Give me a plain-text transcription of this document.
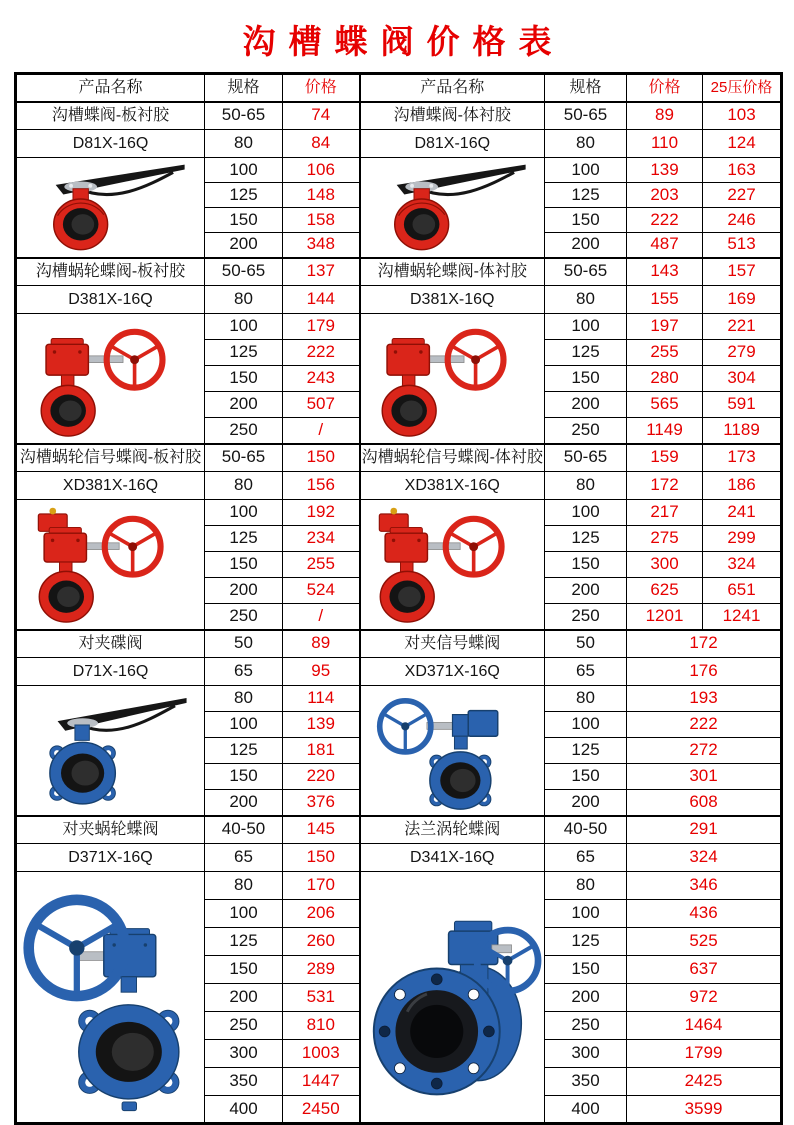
沟槽蝶阀价格表
产品名称	规格	价格	产品名称	规格	价格	25压价格
沟槽蝶阀-板衬胶	50-65	74	沟槽蝶阀-体衬胶	50-65	89	103
D81X-16Q	80	84	D81X-16Q	80	110	124

	100	106		100	139	163
	125	148		125	203	227
	150	158		150	222	246
	200	348		200	487	513
沟槽蜗轮蝶阀-板衬胶	50-65	137	沟槽蜗轮蝶阀-体衬胶	50-65	143	157
D381X-16Q	80	144	D381X-16Q	80	155	169

	100	179		100	197	221
	125	222		125	255	279
	150	243		150	280	304
	200	507		200	565	591
	250	/		250	1149	1189
沟槽蜗轮信号蝶阀-板衬胶	50-65	150	沟槽蜗轮信号蝶阀-体衬胶	50-65	159	173
XD381X-16Q	80	156	XD381X-16Q	80	172	186

	100	192		100	217	241
	125	234		125	275	299
	150	255		150	300	324
	200	524		200	625	651
	250	/		250	1201	1241
对夹碟阀	50	89	对夹信号蝶阀	50	172	
D71X-16Q	65	95	XD371X-16Q	65	176	

	80	114		80	193	
	100	139		100	222	
	125	181		125	272	
	150	220		150	301	
	200	376		200	608	
对夹蜗轮蝶阀	40-50	145	法兰涡轮蝶阀	40-50	291	
D371X-16Q	65	150	D341X-16Q	65	324	

	80	170		80	346	
	100	206		100	436	
	125	260		125	525	
	150	289		150	637	
	200	531		200	972	
	250	810		250	1464	
	300	1003		300	1799	
	350	1447		350	2425	
	400	2450		400	3599	
